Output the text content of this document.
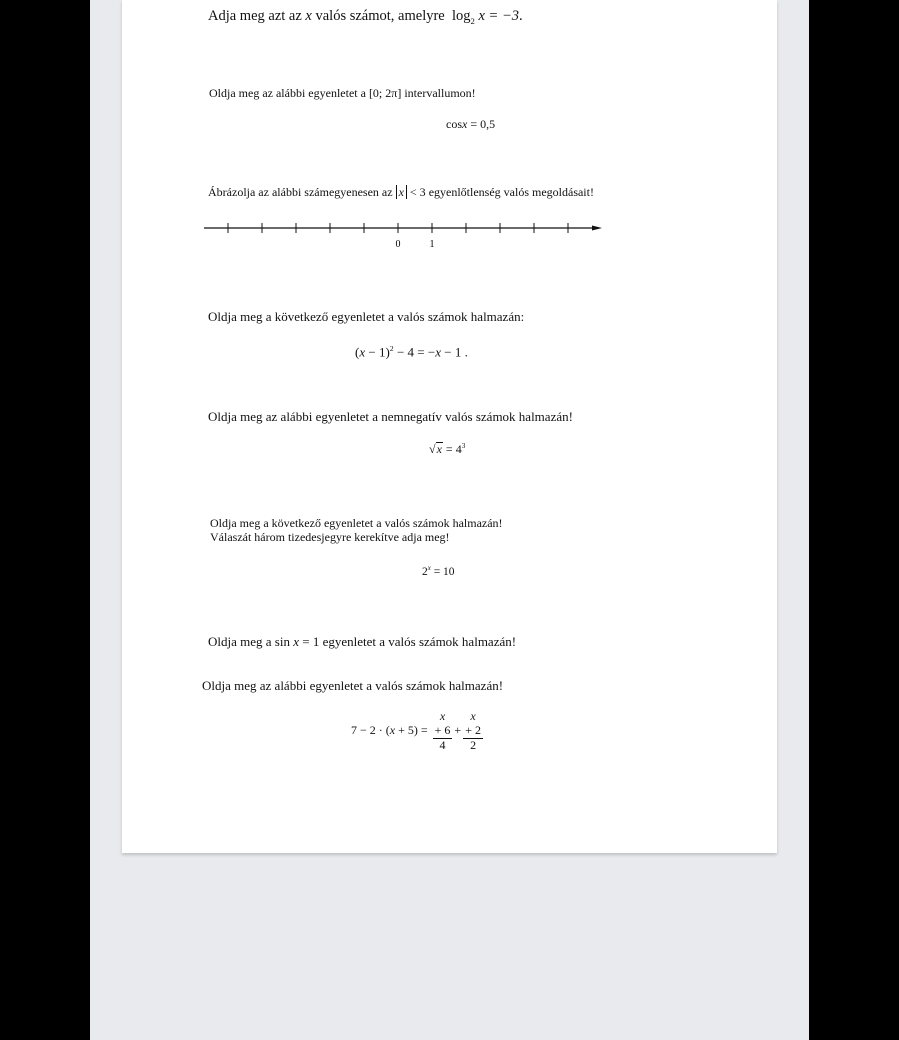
Adja meg azt az x valós számot, amelyre $\log_2 x = -3$.
Oldja meg az alábbi egyenletet a [0; 2π] intervallumon!
cosx = 0,5
Ábrázolja az alábbi számegyenesen az x < 3 egyenlőtlenség valós megoldásait!
0	1
Oldja meg a következő egyenletet a valós számok halmazán:
$(x - 1)^2 - 4 = -x - 1$ .
Oldja meg az alábbi egyenletet a nemnegatív valós számok halmazán!
$√x = 4^3$
Oldja meg a következő egyenletet a valós számok halmazán!
Válaszát három tizedesjegyre kerekítve adja meg!
$2^x = 10$
Oldja meg a sin x = 1 egyenletet a valós számok halmazán!
Oldja meg az alábbi egyenletet a valós számok halmazán!
7 − 2 · (x + 5) = x
+ 6
4 + x
+ 2
2
